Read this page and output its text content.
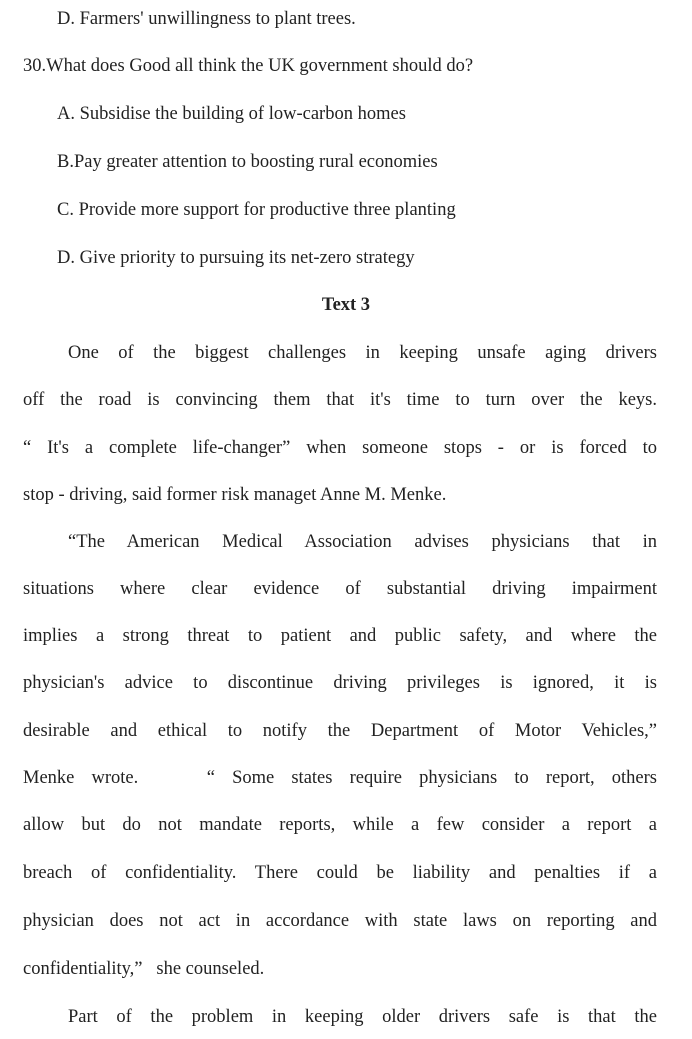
D. Farmers' unwillingness to plant trees.
30.What does Good all think the UK government should do?
A. Subsidise the building of low-carbon homes
B.Pay greater attention to boosting rural economies
C. Provide more support for productive three planting
D. Give priority to pursuing its net-zero strategy
Text 3
One of the biggest challenges in keeping unsafe aging drivers
off the road is convincing them that it's time to turn over the keys.
“ It's a complete life-changer” when someone stops - or is forced to
stop - driving, said former risk managet Anne M. Menke.
“The American Medical Association advises physicians that in
situations where clear evidence of substantial driving impairment
implies a strong threat to patient and public safety, and where the
physician's advice to discontinue driving privileges is ignored, it is
desirable and ethical to notify the Department of Motor Vehicles,”
Menke wrote.    “ Some states require physicians to report, others
allow but do not mandate reports, while a few consider a report a
breach of confidentiality. There could be liability and penalties if a
physician does not act in accordance with state laws on reporting and
confidentiality,”   she counseled.
Part of the problem in keeping older drivers safe is that the
